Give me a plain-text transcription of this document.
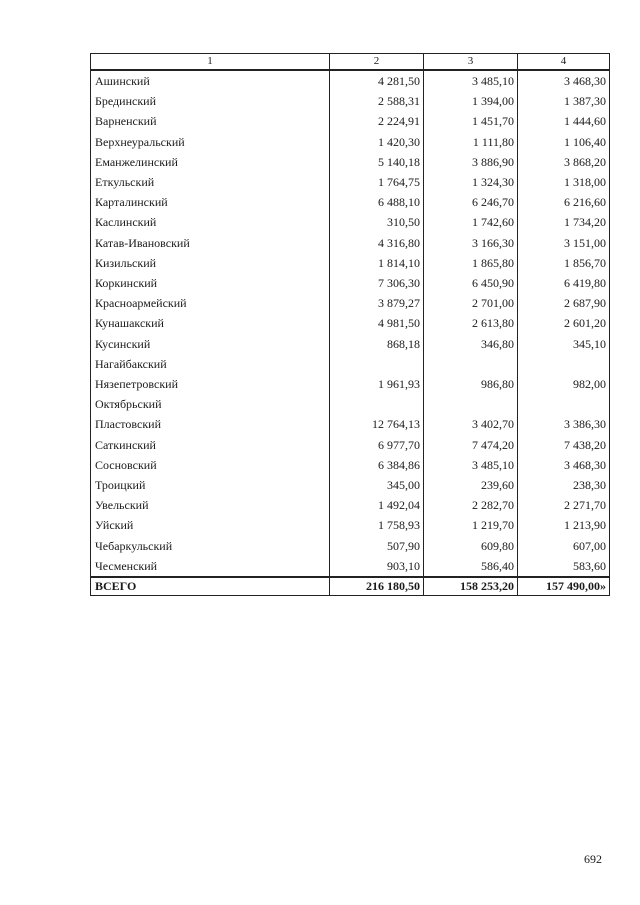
1	2	3	4
Ашинский	4 281,50	3 485,10	3 468,30
Брединский	2 588,31	1 394,00	1 387,30
Варненский	2 224,91	1 451,70	1 444,60
Верхнеуральский	1 420,30	1 111,80	1 106,40
Еманжелинский	5 140,18	3 886,90	3 868,20
Еткульский	1 764,75	1 324,30	1 318,00
Карталинский	6 488,10	6 246,70	6 216,60
Каслинский	310,50	1 742,60	1 734,20
Катав-Ивановский	4 316,80	3 166,30	3 151,00
Кизильский	1 814,10	1 865,80	1 856,70
Коркинский	7 306,30	6 450,90	6 419,80
Красноармейский	3 879,27	2 701,00	2 687,90
Кунашакский	4 981,50	2 613,80	2 601,20
Кусинский	868,18	346,80	345,10
Нагайбакский			
Нязепетровский	1 961,93	986,80	982,00
Октябрьский			
Пластовский	12 764,13	3 402,70	3 386,30
Саткинский	6 977,70	7 474,20	7 438,20
Сосновский	6 384,86	3 485,10	3 468,30
Троицкий	345,00	239,60	238,30
Увельский	1 492,04	2 282,70	2 271,70
Уйский	1 758,93	1 219,70	1 213,90
Чебаркульский	507,90	609,80	607,00
Чесменский	903,10	586,40	583,60
ВСЕГО	216 180,50	158 253,20	157 490,00»
692
